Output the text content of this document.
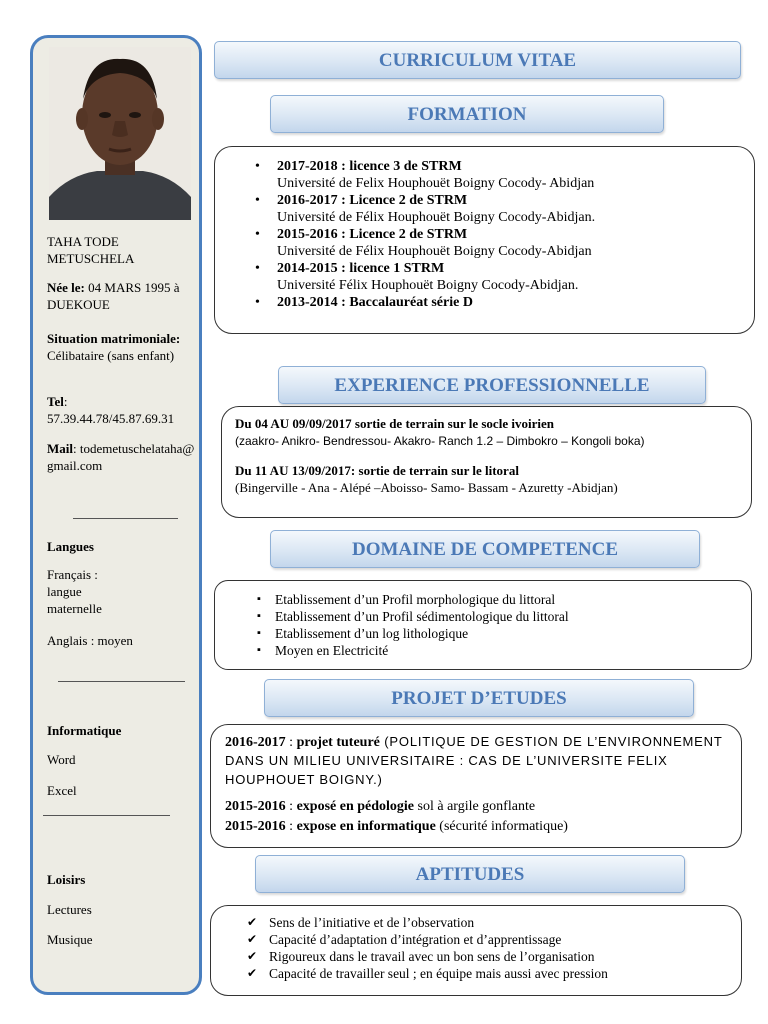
TAHA TODE METUSCHELA
Née le: 04 MARS 1995 à DUEKOUE
Situation matrimoniale:
Célibataire (sans enfant)
Tel: 57.39.44.78/45.87.69.31
Mail: todemetuschelataha@gmail.com
Langues
Français : langue maternelle
Anglais : moyen
Informatique
Word
Excel
Loisirs
Lectures
Musique
CURRICULUM VITAE
FORMATION
• 2017-2018 : licence 3 de STRM
Université de Felix Houphouët Boigny Cocody- Abidjan
• 2016-2017 : Licence 2 de STRM
Université de Félix Houphouët Boigny Cocody-Abidjan.
• 2015-2016 : Licence 2 de STRM
Université de Félix Houphouët Boigny Cocody-Abidjan
• 2014-2015 : licence 1 STRM
Université Félix Houphouët Boigny Cocody-Abidjan.
• 2013-2014 : Baccalauréat série D
EXPERIENCE PROFESSIONNELLE
Du 04 AU 09/09/2017 sortie de terrain sur le socle ivoirien
(zaakro- Anikro- Bendressou- Akakro- Ranch 1.2 – Dimbokro – Kongoli boka)
Du 11 AU 13/09/2017: sortie de terrain sur le litoral
(Bingerville - Ana - Alépé –Aboisso- Samo- Bassam - Azuretty -Abidjan)
DOMAINE DE COMPETENCE
▪ Etablissement d’un Profil morphologique du littoral
▪ Etablissement d’un Profil sédimentologique du littoral
▪ Etablissement d’un log lithologique
▪ Moyen en Electricité
PROJET D’ETUDES
2016-2017 : projet tuteuré (POLITIQUE DE GESTION DE L’ENVIRONNEMENT DANS UN MILIEU UNIVERSITAIRE : CAS DE L’UNIVERSITE FELIX HOUPHOUET BOIGNY.)
2015-2016 : exposé en pédologie sol à argile gonflante
2015-2016 : expose en informatique (sécurité informatique)
APTITUDES
✔ Sens de l’initiative et de l’observation
✔ Capacité d’adaptation d’intégration et d’apprentissage
✔ Rigoureux dans le travail avec un bon sens de l’organisation
✔ Capacité de travailler seul ; en équipe mais aussi avec pression
